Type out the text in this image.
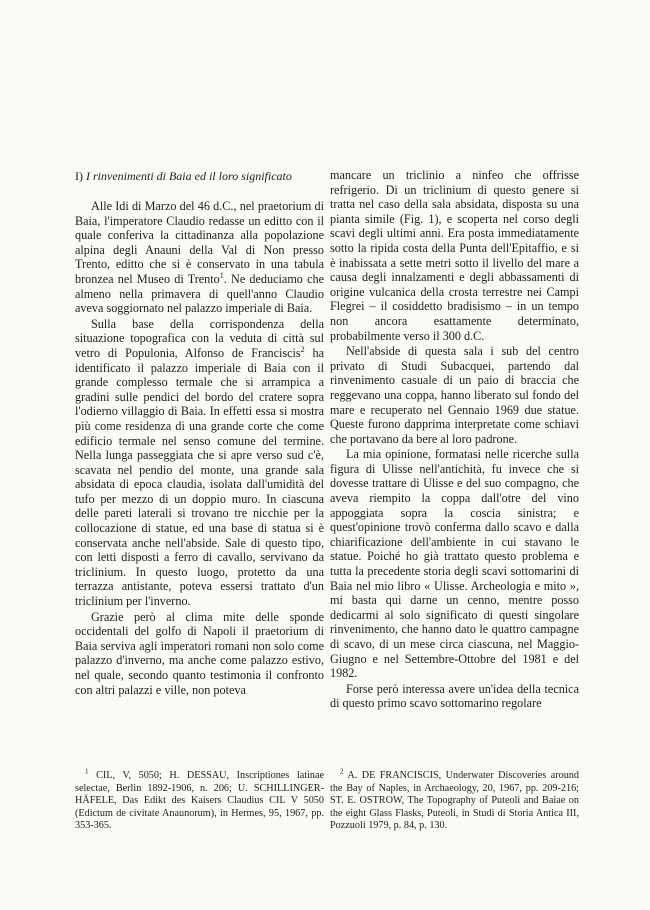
I) I rinvenimenti di Baia ed il loro significato

Alle Idi di Marzo del 46 d.C., nel praetorium di Baia, l'imperatore Claudio redasse un editto con il quale conferiva la cittadinanza alla popolazione alpina degli Anauni della Val di Non presso Trento, editto che si è conservato in una tabula bronzea nel Museo di Trento$^1$. Ne deduciamo che almeno nella primavera di quell'anno Claudio aveva soggiornato nel palazzo imperiale di Baia.

Sulla base della corrispondenza della situazione topografica con la veduta di città sul vetro di Populonia, Alfonso de Franciscis$^2$ ha identificato il palazzo imperiale di Baia con il grande complesso termale che si arrampica a gradini sulle pendici del bordo del cratere sopra l'odierno villaggio di Baia. In effetti essa si mostra più come residenza di una grande corte che come edificio termale nel senso comune del termine. Nella lunga passeggiata che si apre verso sud c'è, scavata nel pendio del monte, una grande sala absidata di epoca claudia, isolata dall'umidità del tufo per mezzo di un doppio muro. In ciascuna delle pareti laterali si trovano tre nicchie per la collocazione di statue, ed una base di statua si è conservata anche nell'abside. Sale di questo tipo, con letti disposti a ferro di cavallo, servivano da triclinium. In questo luogo, protetto da una terrazza antistante, poteva essersi trattato d'un triclinium per l'inverno.

Grazie però al clima mite delle sponde occidentali del golfo di Napoli il praetorium di Baia serviva agli imperatori romani non solo come palazzo d'inverno, ma anche come palazzo estivo, nel quale, secondo quanto testimonia il confronto con altri palazzi e ville, non poteva

mancare un triclinio a ninfeo che offrisse refrigerio. Di un triclinium di questo genere si tratta nel caso della sala absidata, disposta su una pianta simile (Fig. 1), e scoperta nel corso degli scavi degli ultimi anni. Era posta immediatamente sotto la ripida costa della Punta dell'Epitaffio, e si è inabissata a sette metri sotto il livello del mare a causa degli innalzamenti e degli abbassamenti di origine vulcanica della crosta terrestre nei Campi Flegrei – il cosiddetto bradisismo – in un tempo non ancora esattamente determinato, probabilmente verso il 300 d.C.

Nell'abside di questa sala i sub del centro privato di Studi Subacquei, partendo dal rinvenimento casuale di un paio di braccia che reggevano una coppa, hanno liberato sul fondo del mare e recuperato nel Gennaio 1969 due statue. Queste furono dapprima interpretate come schiavi che portavano da bere al loro padrone.

La mia opinione, formatasi nelle ricerche sulla figura di Ulisse nell'antichità, fu invece che si dovesse trattare di Ulisse e del suo compagno, che aveva riempito la coppa dall'otre del vino appoggiata sopra la coscia sinistra; e quest'opinione trovò conferma dallo scavo e dalla chiarificazione dell'ambiente in cui stavano le statue. Poiché ho già trattato questo problema e tutta la precedente storia degli scavi sottomarini di Baia nel mio libro « Ulisse. Archeologia e mito », mi basta qui darne un cenno, mentre posso dedicarmi al solo significato di questi singolare rinvenimento, che hanno dato le quattro campagne di scavo, di un mese circa ciascuna, nel Maggio-Giugno e nel Settembre-Ottobre del 1981 e del 1982.

Forse però interessa avere un'idea della tecnica di questo primo scavo sottomarino regolare

$^1$ CIL, V, 5050; H. DESSAU, Inscriptiones latinae selectae, Berlin 1892-1906, n. 206; U. SCHILLINGER-HÄFELE, Das Edikt des Kaisers Claudius CIL V 5050 (Edictum de civitate Anaunorum), in Hermes, 95, 1967, pp. 353-365.

$^2$ A. DE FRANCISCIS, Underwater Discoveries around the Bay of Naples, in Archaeology, 20, 1967, pp. 209-216; ST. E. OSTROW, The Topography of Puteoli and Baiae on the eight Glass Flasks, Puteoli, in Studi di Storia Antica III, Pozzuoli 1979, p. 84, p. 130.
